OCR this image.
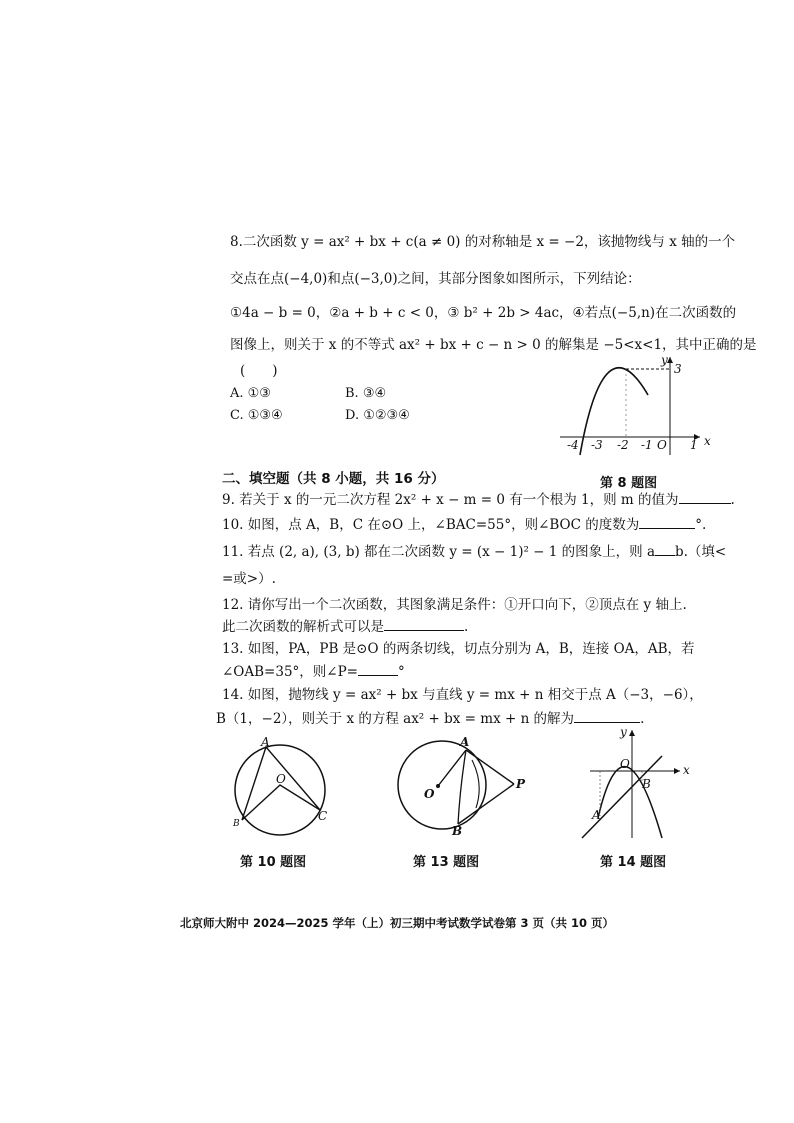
8.二次函数 y = ax² + bx + c(a ≠ 0) 的对称轴是 x = −2，该抛物线与 x 轴的一个
交点在点(−4,0)和点(−3,0)之间，其部分图象如图所示，下列结论：
①4a − b = 0，②a + b + c < 0，③ b² + 2b > 4ac，④若点(−5,n)在二次函数的
图像上，则关于 x 的不等式 ax² + bx + c − n > 0 的解集是 −5<x<1，其中正确的是
(　　)
A. ①③	B. ③④
C. ①③④	D. ①②③④
y
3
-4 -3 -2 -1 O 1 x
第 8 题图
二、填空题（共 8 小题，共 16 分）
9. 若关于 x 的一元二次方程 2x² + x − m = 0 有一个根为 1，则 m 的值为	.
10. 如图，点 A，B，C 在⊙O 上，∠BAC=55°，则∠BOC 的度数为	°.
11. 若点 (2, a), (3, b) 都在二次函数 y = (x − 1)² − 1 的图象上，则 a b.（填<
=或>）.
12. 请你写出一个二次函数，其图象满足条件：①开口向下，②顶点在 y 轴上.
此二次函数的解析式可以是	.
13. 如图，PA，PB 是⊙O 的两条切线，切点分别为 A，B，连接 OA，AB，若
∠OAB=35°，则∠P=	°
14. 如图，抛物线 y = ax² + bx 与直线 y = mx + n 相交于点 A（−3，−6），
B（1，−2），则关于 x 的方程 ax² + bx = mx + n 的解为	.
A
O
B
C
第 10 题图
A
O
B
P
第 13 题图
y
x
O
A
B
第 14 题图
北京师大附中 2024—2025 学年（上）初三期中考试数学试卷第 3 页（共 10 页）
